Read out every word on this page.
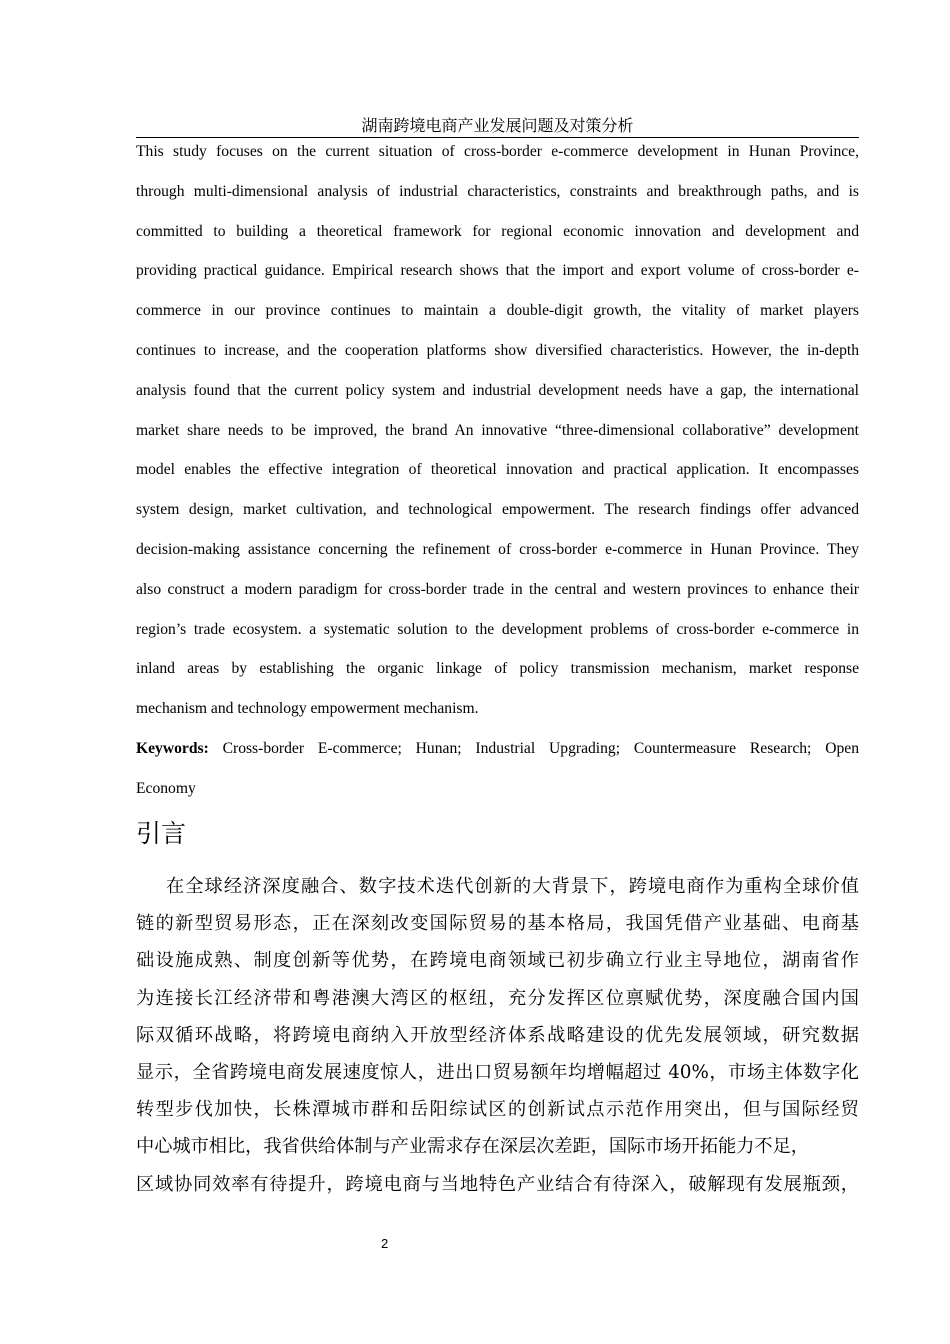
湖南跨境电商产业发展问题及对策分析
This study focuses on the current situation of cross-border e-commerce development in Hunan Province,
through multi-dimensional analysis of industrial characteristics, constraints and breakthrough paths, and is
committed to building a theoretical framework for regional economic innovation and development and
providing practical guidance. Empirical research shows that the import and export volume of cross-border e-
commerce in our province continues to maintain a double-digit growth, the vitality of market players
continues to increase, and the cooperation platforms show diversified characteristics. However, the in-depth
analysis found that the current policy system and industrial development needs have a gap, the international
market share needs to be improved, the brand An innovative “three-dimensional collaborative” development
model enables the effective integration of theoretical innovation and practical application. It encompasses
system design, market cultivation, and technological empowerment. The research findings offer advanced
decision-making assistance concerning the refinement of cross-border e-commerce in Hunan Province. They
also construct a modern paradigm for cross-border trade in the central and western provinces to enhance their
region’s trade ecosystem. a systematic solution to the development problems of cross-border e-commerce in
inland areas by establishing the organic linkage of policy transmission mechanism, market response
mechanism and technology empowerment mechanism.
Keywords: Cross-border E-commerce; Hunan; Industrial Upgrading; Countermeasure Research; Open
Economy
引言
在全球经济深度融合、数字技术迭代创新的大背景下，跨境电商作为重构全球价值
链的新型贸易形态，正在深刻改变国际贸易的基本格局，我国凭借产业基础、电商基
础设施成熟、制度创新等优势，在跨境电商领域已初步确立行业主导地位，湖南省作
为连接长江经济带和粤港澳大湾区的枢纽，充分发挥区位禀赋优势，深度融合国内国
际双循环战略，将跨境电商纳入开放型经济体系战略建设的优先发展领域，研究数据
显示，全省跨境电商发展速度惊人，进出口贸易额年均增幅超过 40%，市场主体数字化
转型步伐加快，长株潭城市群和岳阳综试区的创新试点示范作用突出，但与国际经贸
中心城市相比，我省供给体制与产业需求存在深层次差距，国际市场开拓能力不足，
区域协同效率有待提升，跨境电商与当地特色产业结合有待深入，破解现有发展瓶颈，
2
